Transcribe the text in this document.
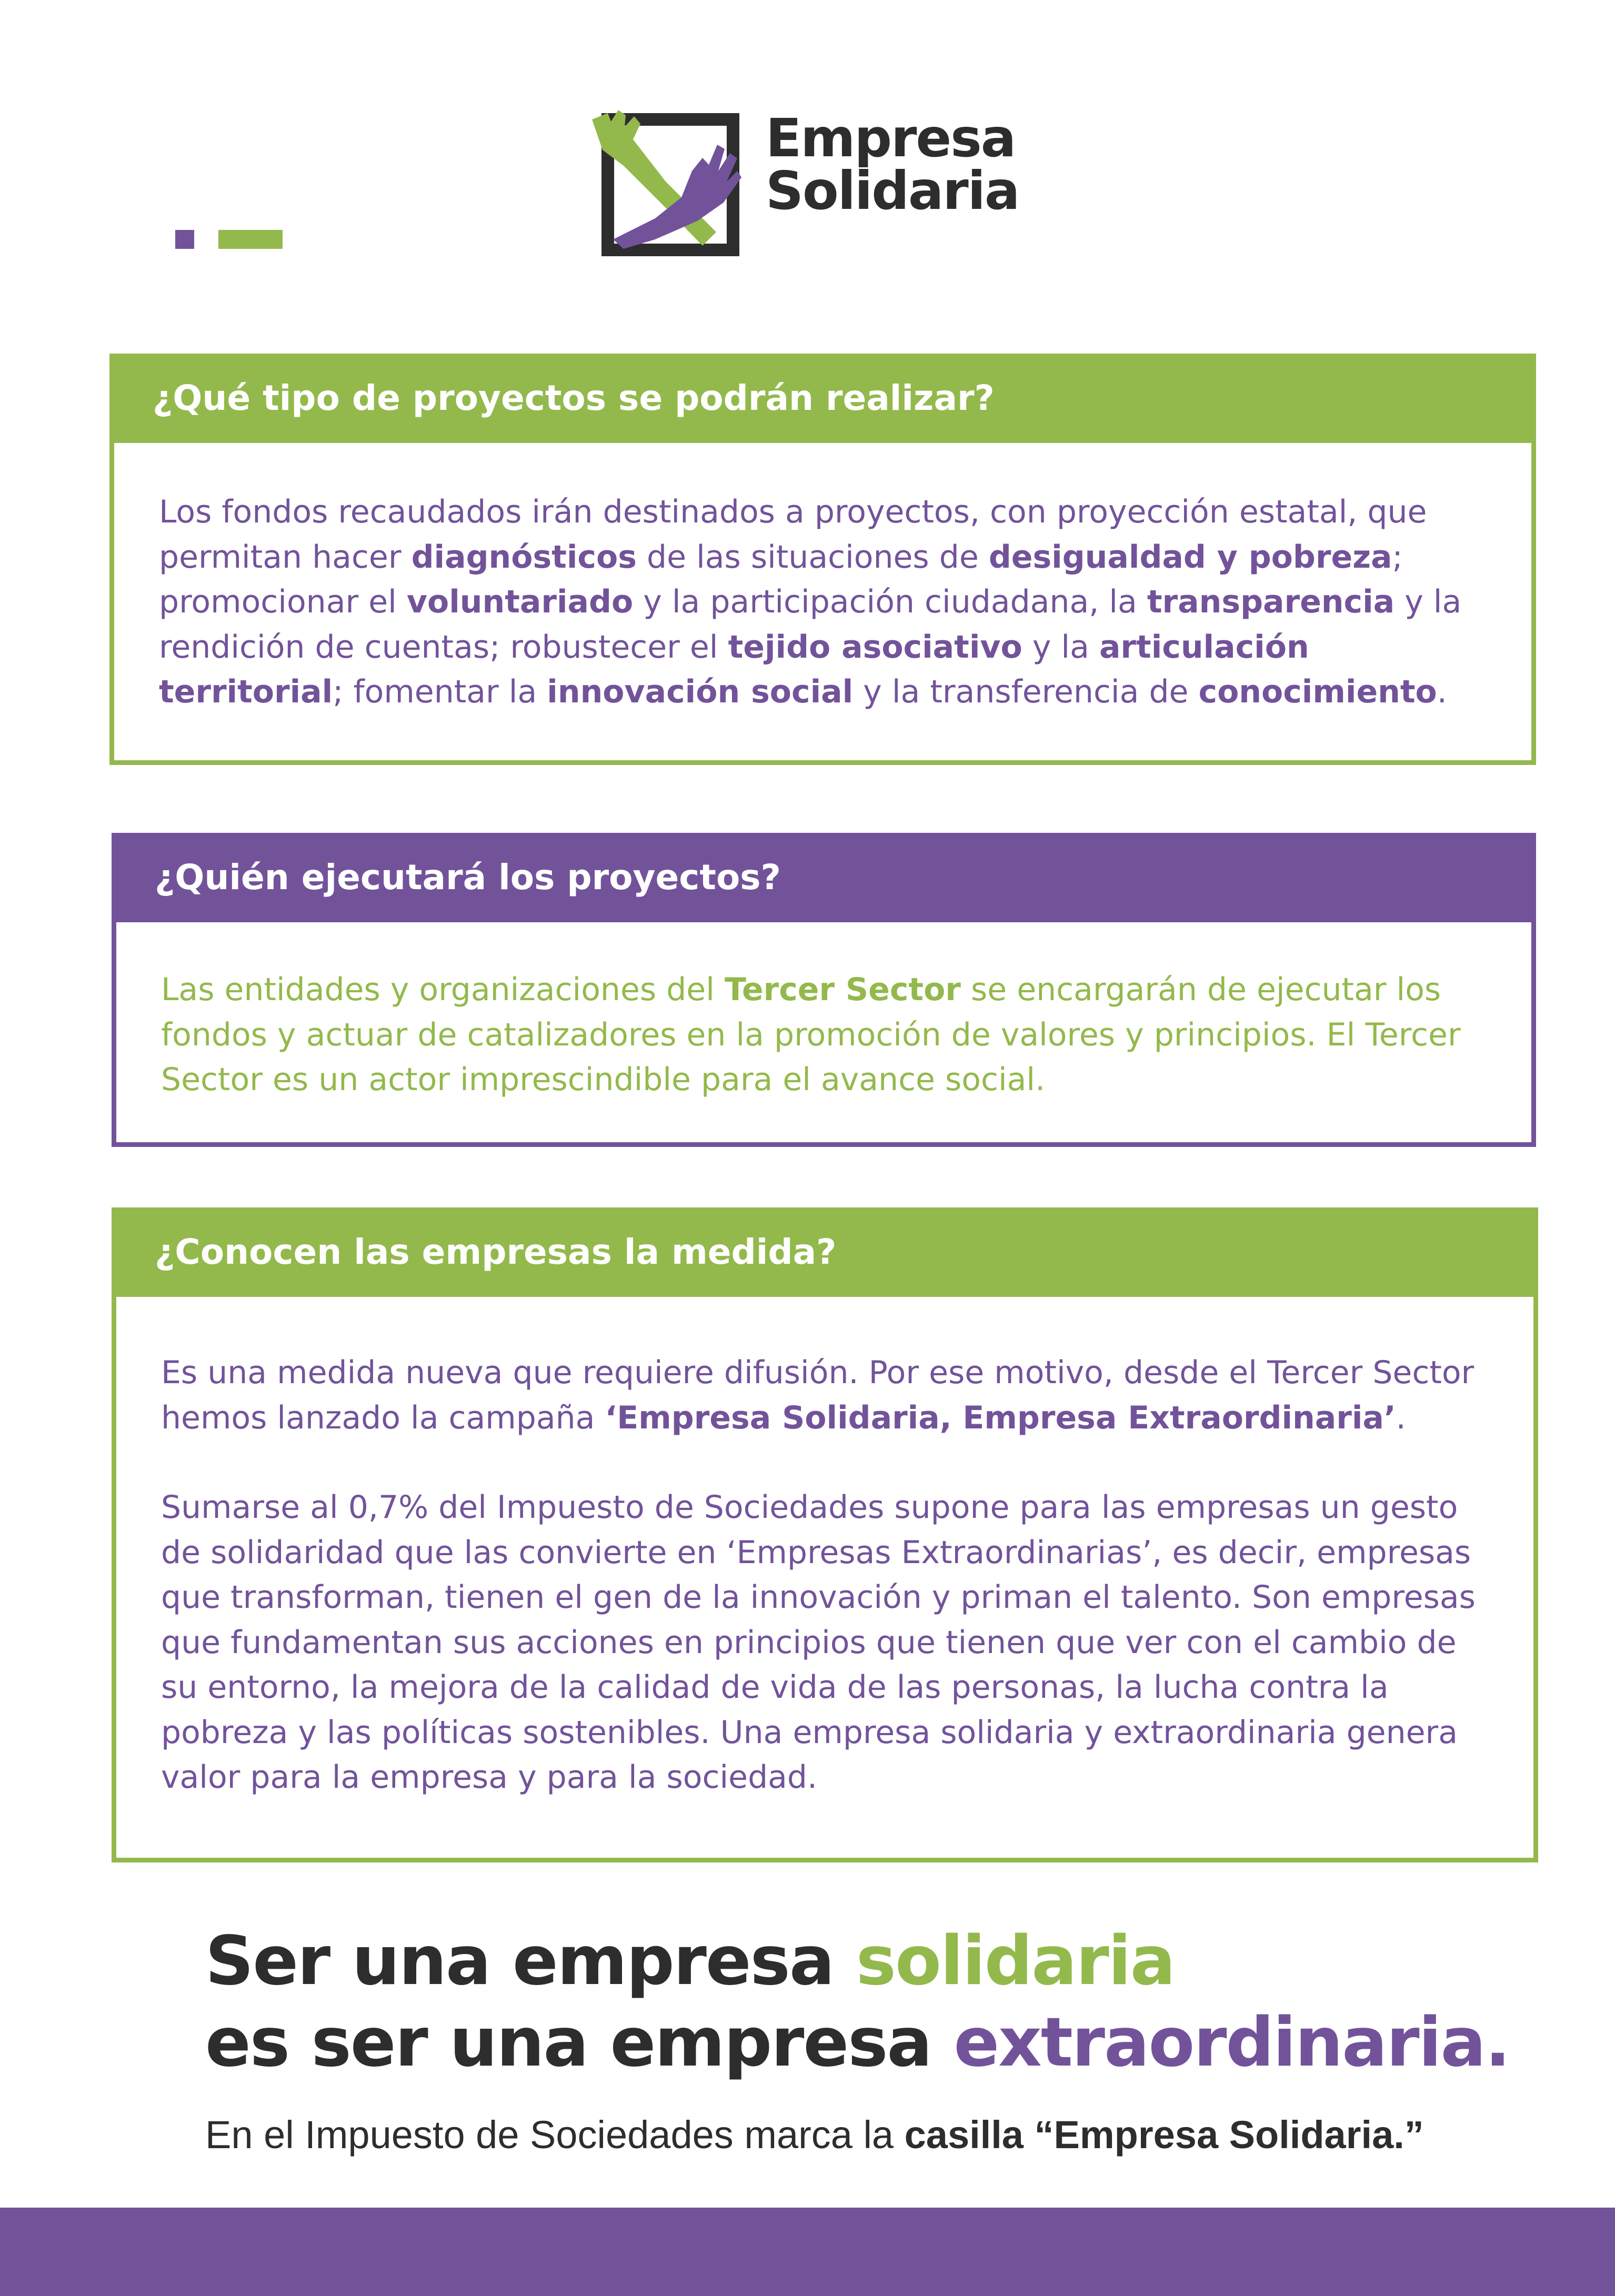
Empresa
Solidaria
¿Qué tipo de proyectos se podrán realizar?

Los fondos recaudados irán destinados a proyectos, con proyección estatal, que permitan hacer diagnósticos de las situaciones de desigualdad y pobreza; promocionar el voluntariado y la participación ciudadana, la transparencia y la rendición de cuentas; robustecer el tejido asociativo y la articulación territorial; fomentar la innovación social y la transferencia de conocimiento.

¿Quién ejecutará los proyectos?

Las entidades y organizaciones del Tercer Sector se encargarán de ejecutar los fondos y actuar de catalizadores en la promoción de valores y principios. El Tercer Sector es un actor imprescindible para el avance social.

¿Conocen las empresas la medida?

Es una medida nueva que requiere difusión. Por ese motivo, desde el Tercer Sector hemos lanzado la campaña ‘Empresa Solidaria, Empresa Extraordinaria’.

Sumarse al 0,7% del Impuesto de Sociedades supone para las empresas un gesto de solidaridad que las convierte en ‘Empresas Extraordinarias’, es decir, empresas que transforman, tienen el gen de la innovación y priman el talento. Son empresas que fundamentan sus acciones en principios que tienen que ver con el cambio de su entorno, la mejora de la calidad de vida de las personas, la lucha contra la pobreza y las políticas sostenibles. Una empresa solidaria y extraordinaria genera valor para la empresa y para la sociedad.

Ser una empresa solidaria
es ser una empresa extraordinaria.
En el Impuesto de Sociedades marca la casilla “Empresa Solidaria.”
